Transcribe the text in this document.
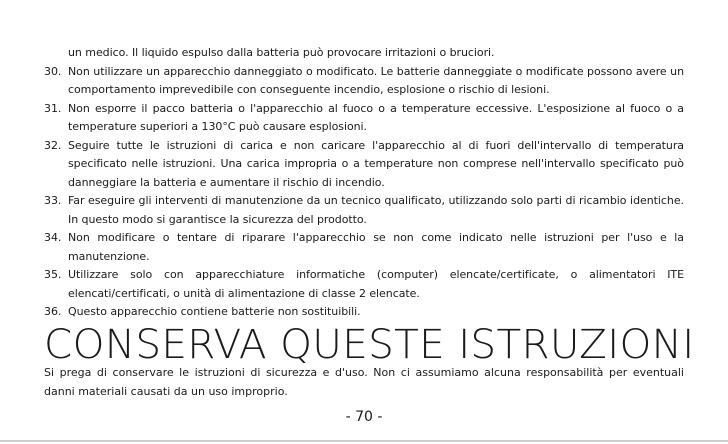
un medico. Il liquido espulso dalla batteria può provocare irritazioni o bruciori.
30. Non utilizzare un apparecchio danneggiato o modificato. Le batterie danneggiate o modificate possono avere un comportamento imprevedibile con conseguente incendio, esplosione o rischio di lesioni.
31. Non esporre il pacco batteria o l'apparecchio al fuoco o a temperature eccessive. L'esposizione al fuoco o a temperature superiori a 130°C può causare esplosioni.
32. Seguire tutte le istruzioni di carica e non caricare l'apparecchio al di fuori dell'intervallo di temperatura specificato nelle istruzioni. Una carica impropria o a temperature non comprese nell'intervallo specificato può danneggiare la batteria e aumentare il rischio di incendio.
33. Far eseguire gli interventi di manutenzione da un tecnico qualificato, utilizzando solo parti di ricambio identiche. In questo modo si garantisce la sicurezza del prodotto.
34. Non modificare o tentare di riparare l'apparecchio se non come indicato nelle istruzioni per l'uso e la manutenzione.
35. Utilizzare solo con apparecchiature informatiche (computer) elencate/certificate, o alimentatori ITE elencati/certificati, o unità di alimentazione di classe 2 elencate.
36. Questo apparecchio contiene batterie non sostituibili.
CONSERVA QUESTE ISTRUZIONI
Si prega di conservare le istruzioni di sicurezza e d'uso. Non ci assumiamo alcuna responsabilità per eventuali danni materiali causati da un uso improprio.
- 70 -
